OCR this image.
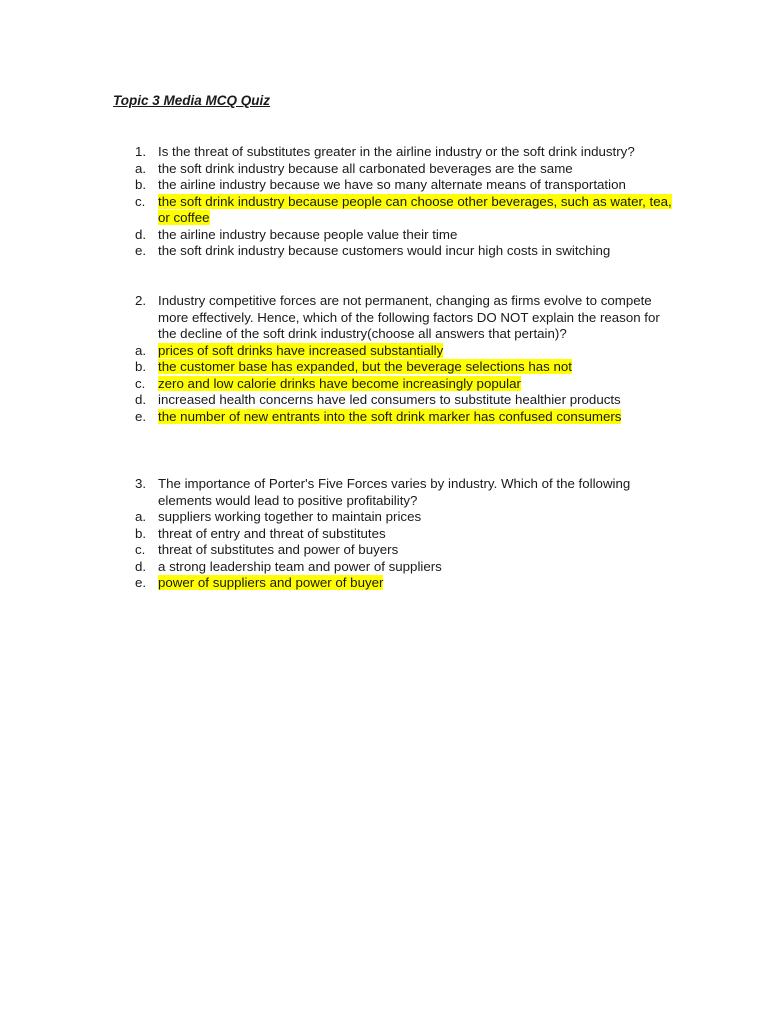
Topic 3 Media MCQ Quiz
1. Is the threat of substitutes greater in the airline industry or the soft drink industry?
a. the soft drink industry because all carbonated beverages are the same
b. the airline industry because we have so many alternate means of transportation
c. the soft drink industry because people can choose other beverages, such as water, tea, or coffee
d. the airline industry because people value their time
e. the soft drink industry because customers would incur high costs in switching
2. Industry competitive forces are not permanent, changing as firms evolve to compete more effectively. Hence, which of the following factors DO NOT explain the reason for the decline of the soft drink industry(choose all answers that pertain)?
a. prices of soft drinks have increased substantially
b. the customer base has expanded, but the beverage selections has not
c. zero and low calorie drinks have become increasingly popular
d. increased health concerns have led consumers to substitute healthier products
e. the number of new entrants into the soft drink marker has confused consumers
3. The importance of Porter's Five Forces varies by industry. Which of the following elements would lead to positive profitability?
a. suppliers working together to maintain prices
b. threat of entry and threat of substitutes
c. threat of substitutes and power of buyers
d. a strong leadership team and power of suppliers
e. power of suppliers and power of buyer
